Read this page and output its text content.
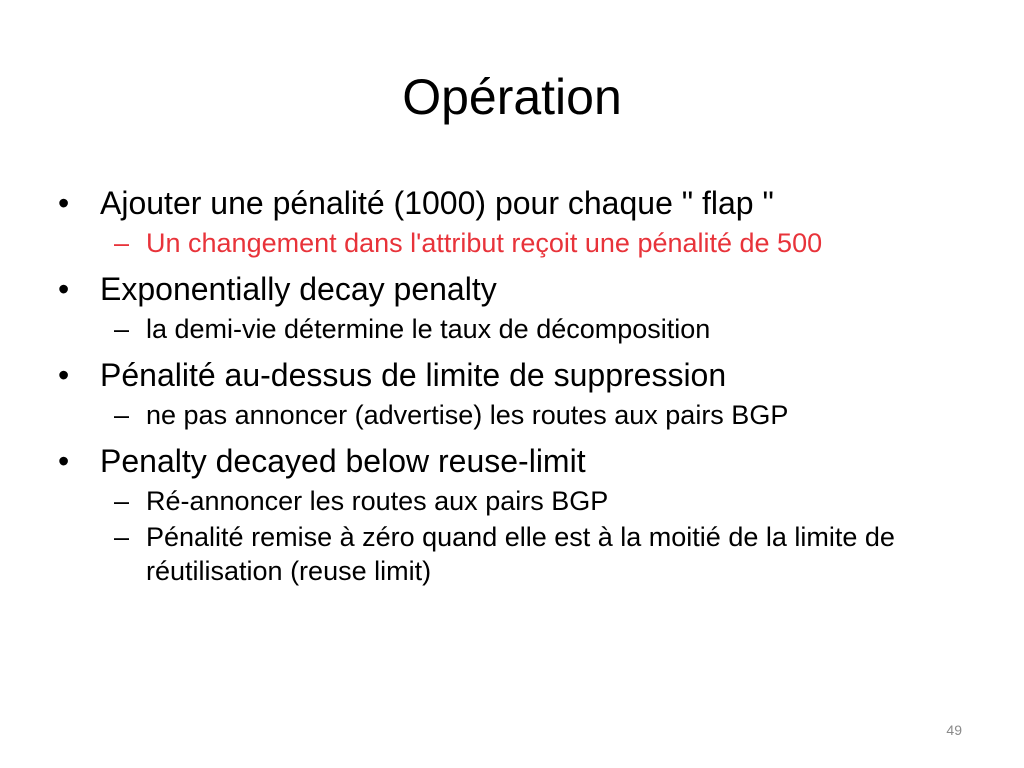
Opération
• Ajouter une pénalité (1000) pour chaque " flap "
– Un changement dans l'attribut reçoit une pénalité de 500
• Exponentially decay penalty
– la demi-vie détermine le taux de décomposition
• Pénalité au-dessus de limite de suppression
– ne pas annoncer (advertise) les routes aux pairs BGP
• Penalty decayed below reuse-limit
– Ré-annoncer les routes aux pairs BGP
– Pénalité remise à zéro quand elle est à la moitié de la limite de réutilisation (reuse limit)
49
